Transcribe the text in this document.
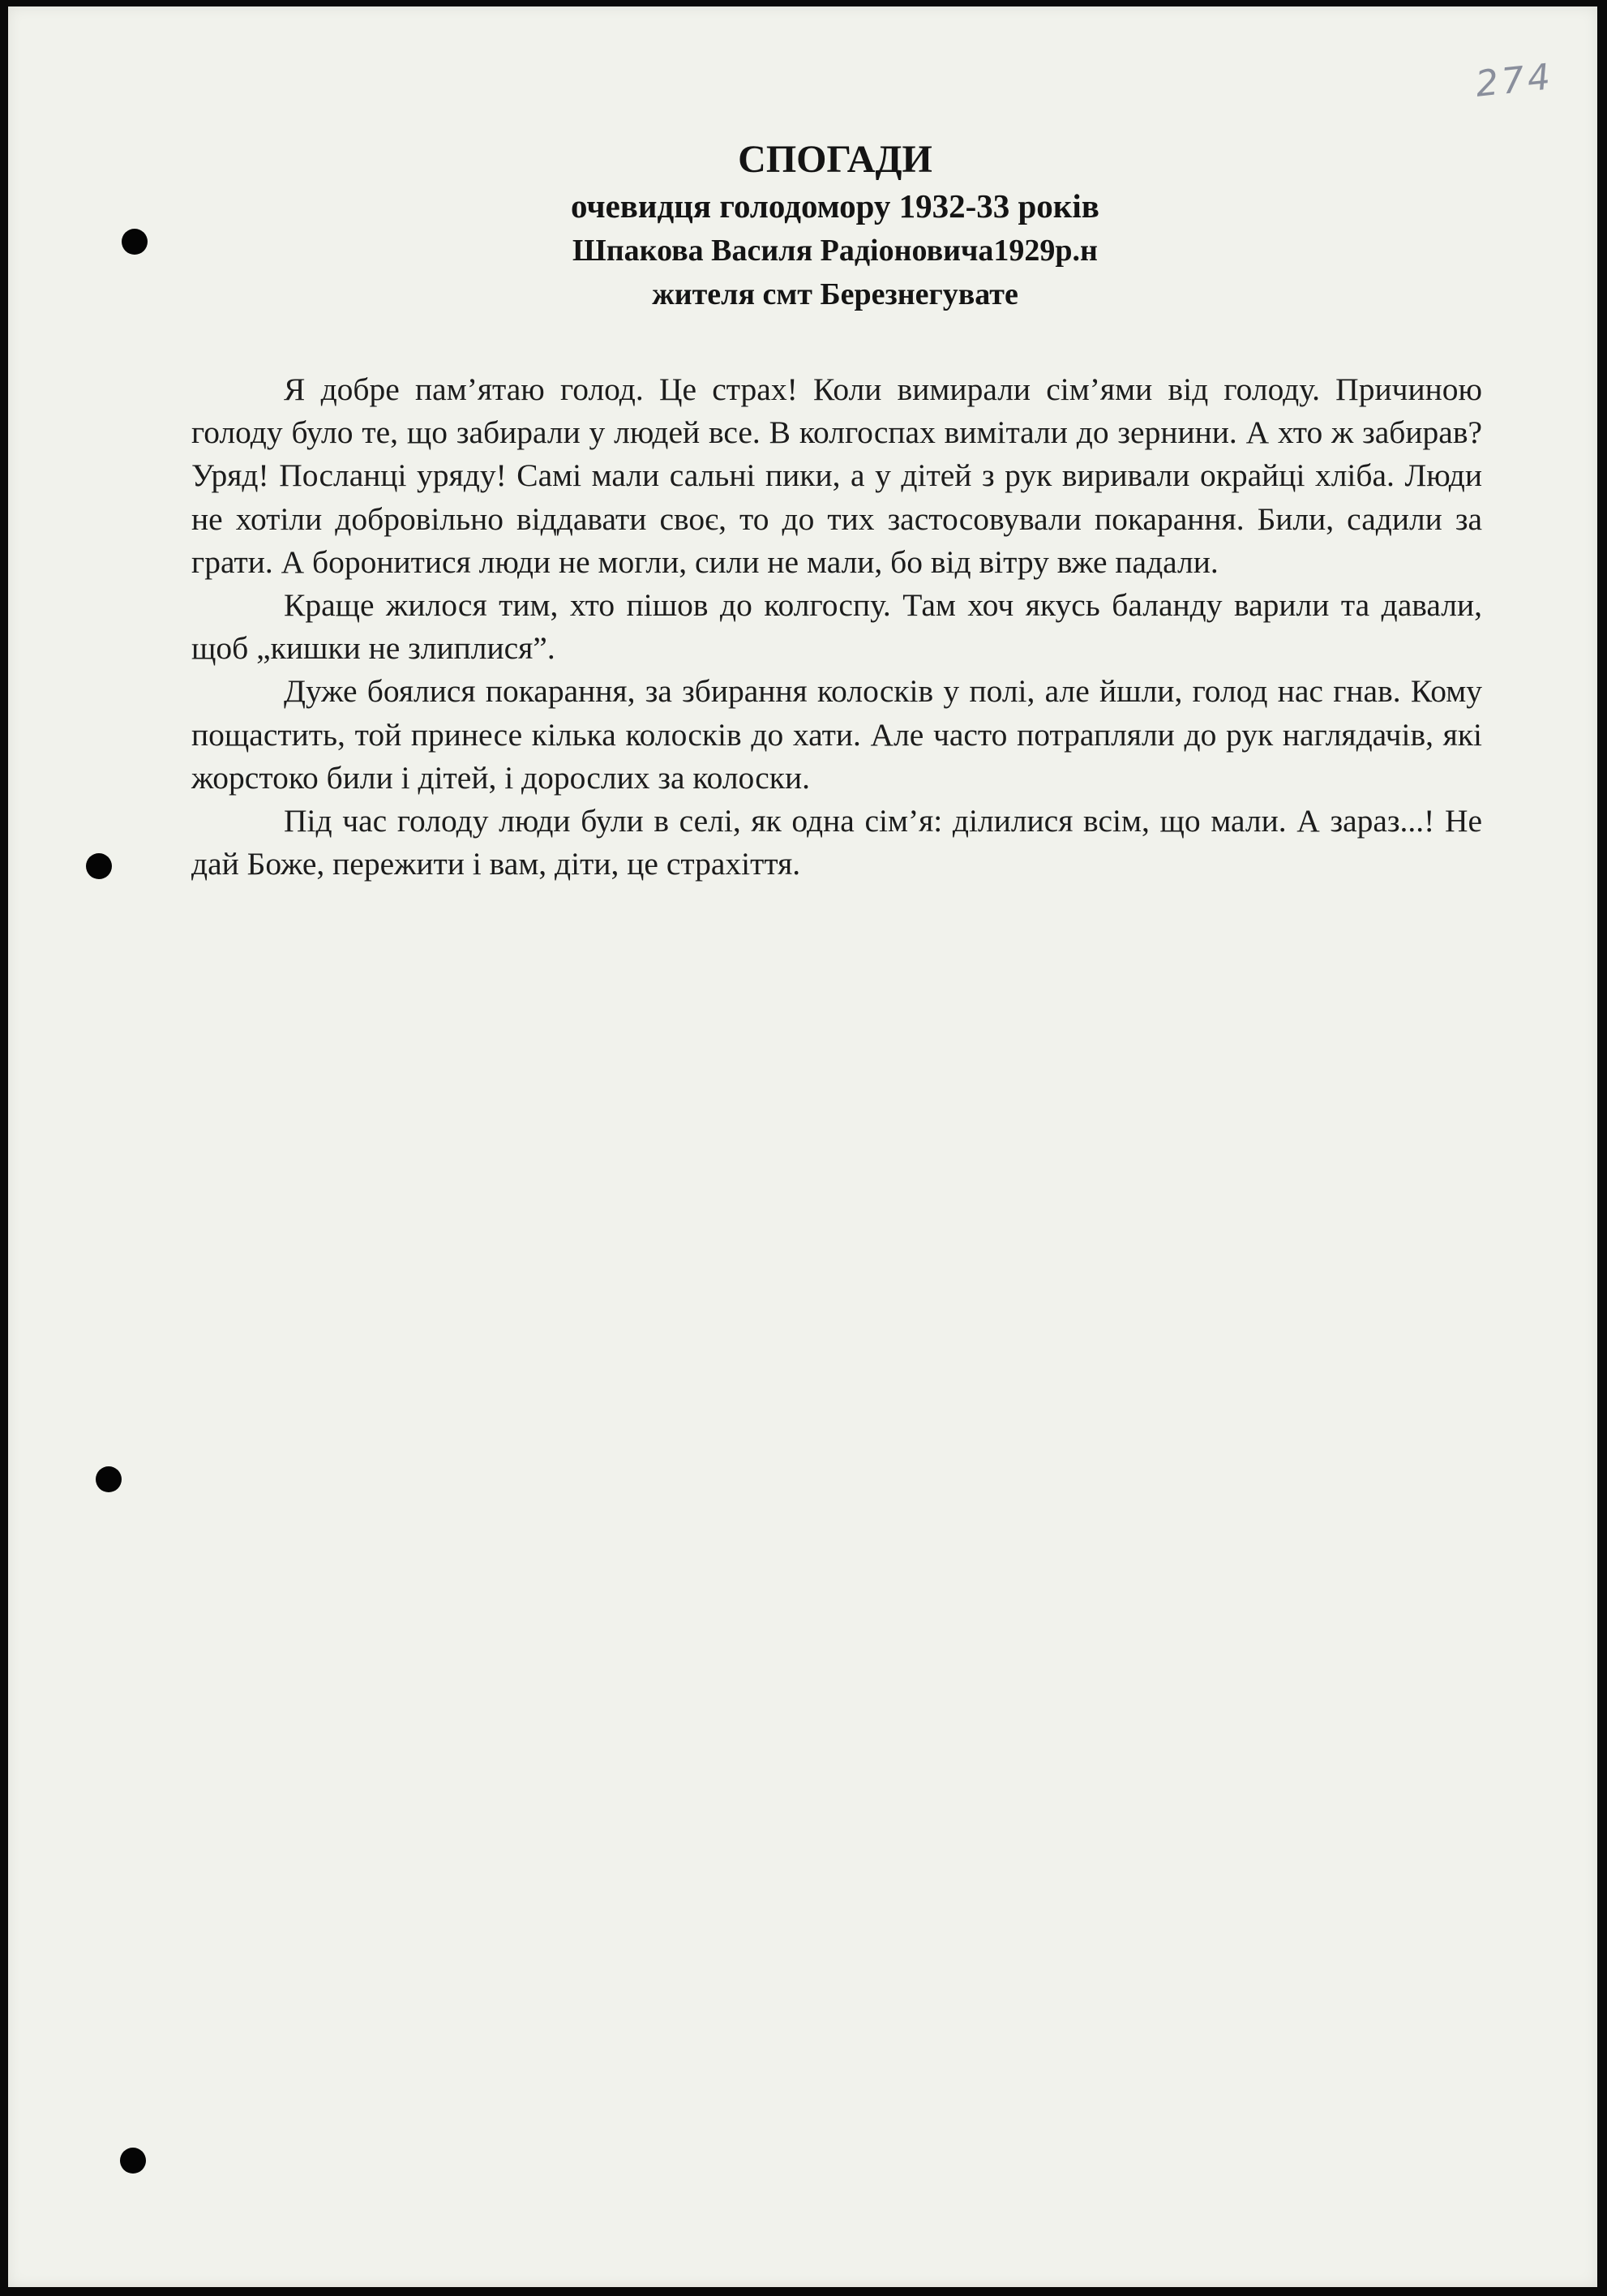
274
СПОГАДИ
очевидця голодомору 1932-33 років
Шпакова Василя Радіоновича1929р.н
жителя смт Березнегувате

Я добре пам’ятаю голод. Це страх! Коли вимирали сім’ями від голоду. Причиною голоду було те, що забирали у людей все. В колгоспах вимітали до зернини. А хто ж забирав? Уряд! Посланці уряду! Самі мали сальні пики, а у дітей з рук виривали окрайці хліба. Люди не хотіли добровільно віддавати своє, то до тих застосовували покарання. Били, садили за грати. А боронитися люди не могли, сили не мали, бо від вітру вже падали.

Краще жилося тим, хто пішов до колгоспу. Там хоч якусь баланду варили та давали, щоб „кишки не злиплися”.

Дуже боялися покарання, за збирання колосків у полі, але йшли, голод нас гнав. Кому пощастить, той принесе кілька колосків до хати. Але часто потрапляли до рук наглядачів, які жорстоко били і дітей, і дорослих за колоски.

Під час голоду люди були в селі, як одна сім’я: ділилися всім, що мали. А зараз...! Не дай Боже, пережити і вам, діти, це страхіття.
